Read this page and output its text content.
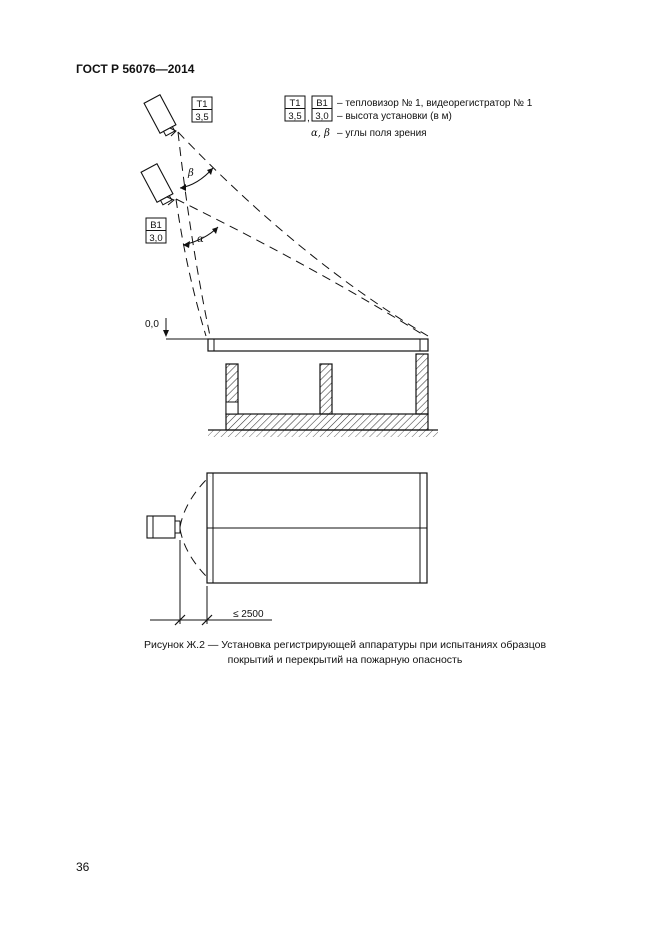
ГОСТ Р 56076—2014
Т1
3,5 ,
В1
3,0
– тепловизор № 1, видеорегистратор № 1
– высота установки (в м)
α, β – углы поля зрения
Т1
3,5
В1
3,0
β
α
0,0
≤ 2500
Рисунок Ж.2 — Установка регистрирующей аппаратуры при испытаниях образцов
покрытий и перекрытий на пожарную опасность
36
